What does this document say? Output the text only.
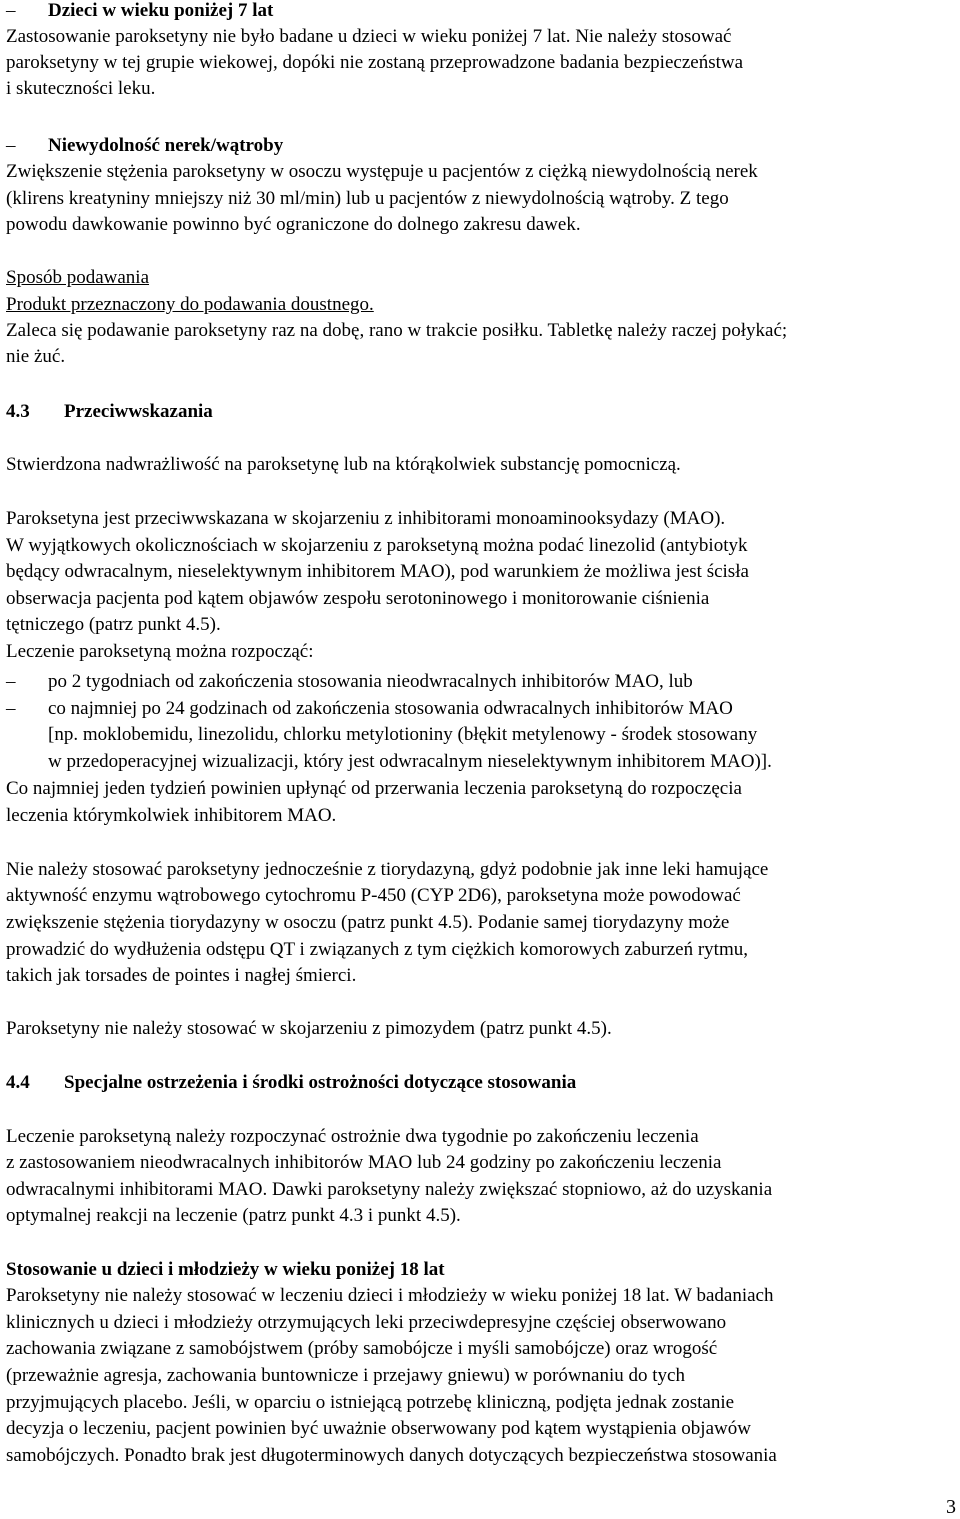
– Dzieci w wieku poniżej 7 lat
Zastosowanie paroksetyny nie było badane u dzieci w wieku poniżej 7 lat. Nie należy stosować
paroksetyny w tej grupie wiekowej, dopóki nie zostaną przeprowadzone badania bezpieczeństwa
i skuteczności leku.
– Niewydolność nerek/wątroby
Zwiększenie stężenia paroksetyny w osoczu występuje u pacjentów z ciężką niewydolnością nerek
(klirens kreatyniny mniejszy niż 30 ml/min) lub u pacjentów z niewydolnością wątroby. Z tego
powodu dawkowanie powinno być ograniczone do dolnego zakresu dawek.
Sposób podawania
Produkt przeznaczony do podawania doustnego.
Zaleca się podawanie paroksetyny raz na dobę, rano w trakcie posiłku. Tabletkę należy raczej połykać;
nie żuć.
4.3 Przeciwwskazania
Stwierdzona nadwrażliwość na paroksetynę lub na którąkolwiek substancję pomocniczą.
Paroksetyna jest przeciwwskazana w skojarzeniu z inhibitorami monoaminooksydazy (MAO).
W wyjątkowych okolicznościach w skojarzeniu z paroksetyną można podać linezolid (antybiotyk
będący odwracalnym, nieselektywnym inhibitorem MAO), pod warunkiem że możliwa jest ścisła
obserwacja pacjenta pod kątem objawów zespołu serotoninowego i monitorowanie ciśnienia
tętniczego (patrz punkt 4.5).
Leczenie paroksetyną można rozpocząć:
– po 2 tygodniach od zakończenia stosowania nieodwracalnych inhibitorów MAO, lub
– co najmniej po 24 godzinach od zakończenia stosowania odwracalnych inhibitorów MAO
[np. moklobemidu, linezolidu, chlorku metylotioniny (błękit metylenowy - środek stosowany
w przedoperacyjnej wizualizacji, który jest odwracalnym nieselektywnym inhibitorem MAO)].
Co najmniej jeden tydzień powinien upłynąć od przerwania leczenia paroksetyną do rozpoczęcia
leczenia którymkolwiek inhibitorem MAO.
Nie należy stosować paroksetyny jednocześnie z tiorydazyną, gdyż podobnie jak inne leki hamujące
aktywność enzymu wątrobowego cytochromu P-450 (CYP 2D6), paroksetyna może powodować
zwiększenie stężenia tiorydazyny w osoczu (patrz punkt 4.5). Podanie samej tiorydazyny może
prowadzić do wydłużenia odstępu QT i związanych z tym ciężkich komorowych zaburzeń rytmu,
takich jak torsades de pointes i nagłej śmierci.
Paroksetyny nie należy stosować w skojarzeniu z pimozydem (patrz punkt 4.5).
4.4 Specjalne ostrzeżenia i środki ostrożności dotyczące stosowania
Leczenie paroksetyną należy rozpoczynać ostrożnie dwa tygodnie po zakończeniu leczenia
z zastosowaniem nieodwracalnych inhibitorów MAO lub 24 godziny po zakończeniu leczenia
odwracalnymi inhibitorami MAO. Dawki paroksetyny należy zwiększać stopniowo, aż do uzyskania
optymalnej reakcji na leczenie (patrz punkt 4.3 i punkt 4.5).
Stosowanie u dzieci i młodzieży w wieku poniżej 18 lat
Paroksetyny nie należy stosować w leczeniu dzieci i młodzieży w wieku poniżej 18 lat. W badaniach
klinicznych u dzieci i młodzieży otrzymujących leki przeciwdepresyjne częściej obserwowano
zachowania związane z samobójstwem (próby samobójcze i myśli samobójcze) oraz wrogość
(przeważnie agresja, zachowania buntownicze i przejawy gniewu) w porównaniu do tych
przyjmujących placebo. Jeśli, w oparciu o istniejącą potrzebę kliniczną, podjęta jednak zostanie
decyzja o leczeniu, pacjent powinien być uważnie obserwowany pod kątem wystąpienia objawów
samobójczych. Ponadto brak jest długoterminowych danych dotyczących bezpieczeństwa stosowania
3
